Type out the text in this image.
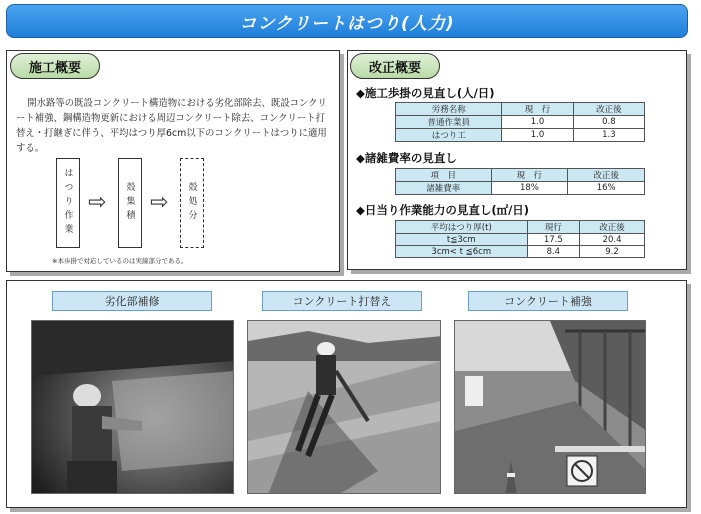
コンクリートはつり(人力)
施工概要
開水路等の既設コンクリート構造物における劣化部除去、既設コンクリート補強、鋼構造物更新における周辺コンクリート除去、コンクリート打替え・打継ぎに伴う、平均はつり厚6cm以下のコンクリートはつりに適用する。
はつり作業 ⇨	殻集積 ⇨	殻処分
※本歩掛で対応しているのは実線部分である。
改正概要
◆施工歩掛の見直し(人/日)
労務名称	現　行	改正後
普通作業員	1.0	0.8
はつり工	1.0	1.3
◆諸雑費率の見直し
項　目	現　行	改正後
諸雑費率	18%	16%
◆日当り作業能力の見直し(㎡/日)
平均はつり厚(t)	現行	改正後
t≦3cm	17.5	20.4
3cm< t ≦6cm	8.4	9.2
劣化部補修	コンクリート打替え	コンクリート補強
